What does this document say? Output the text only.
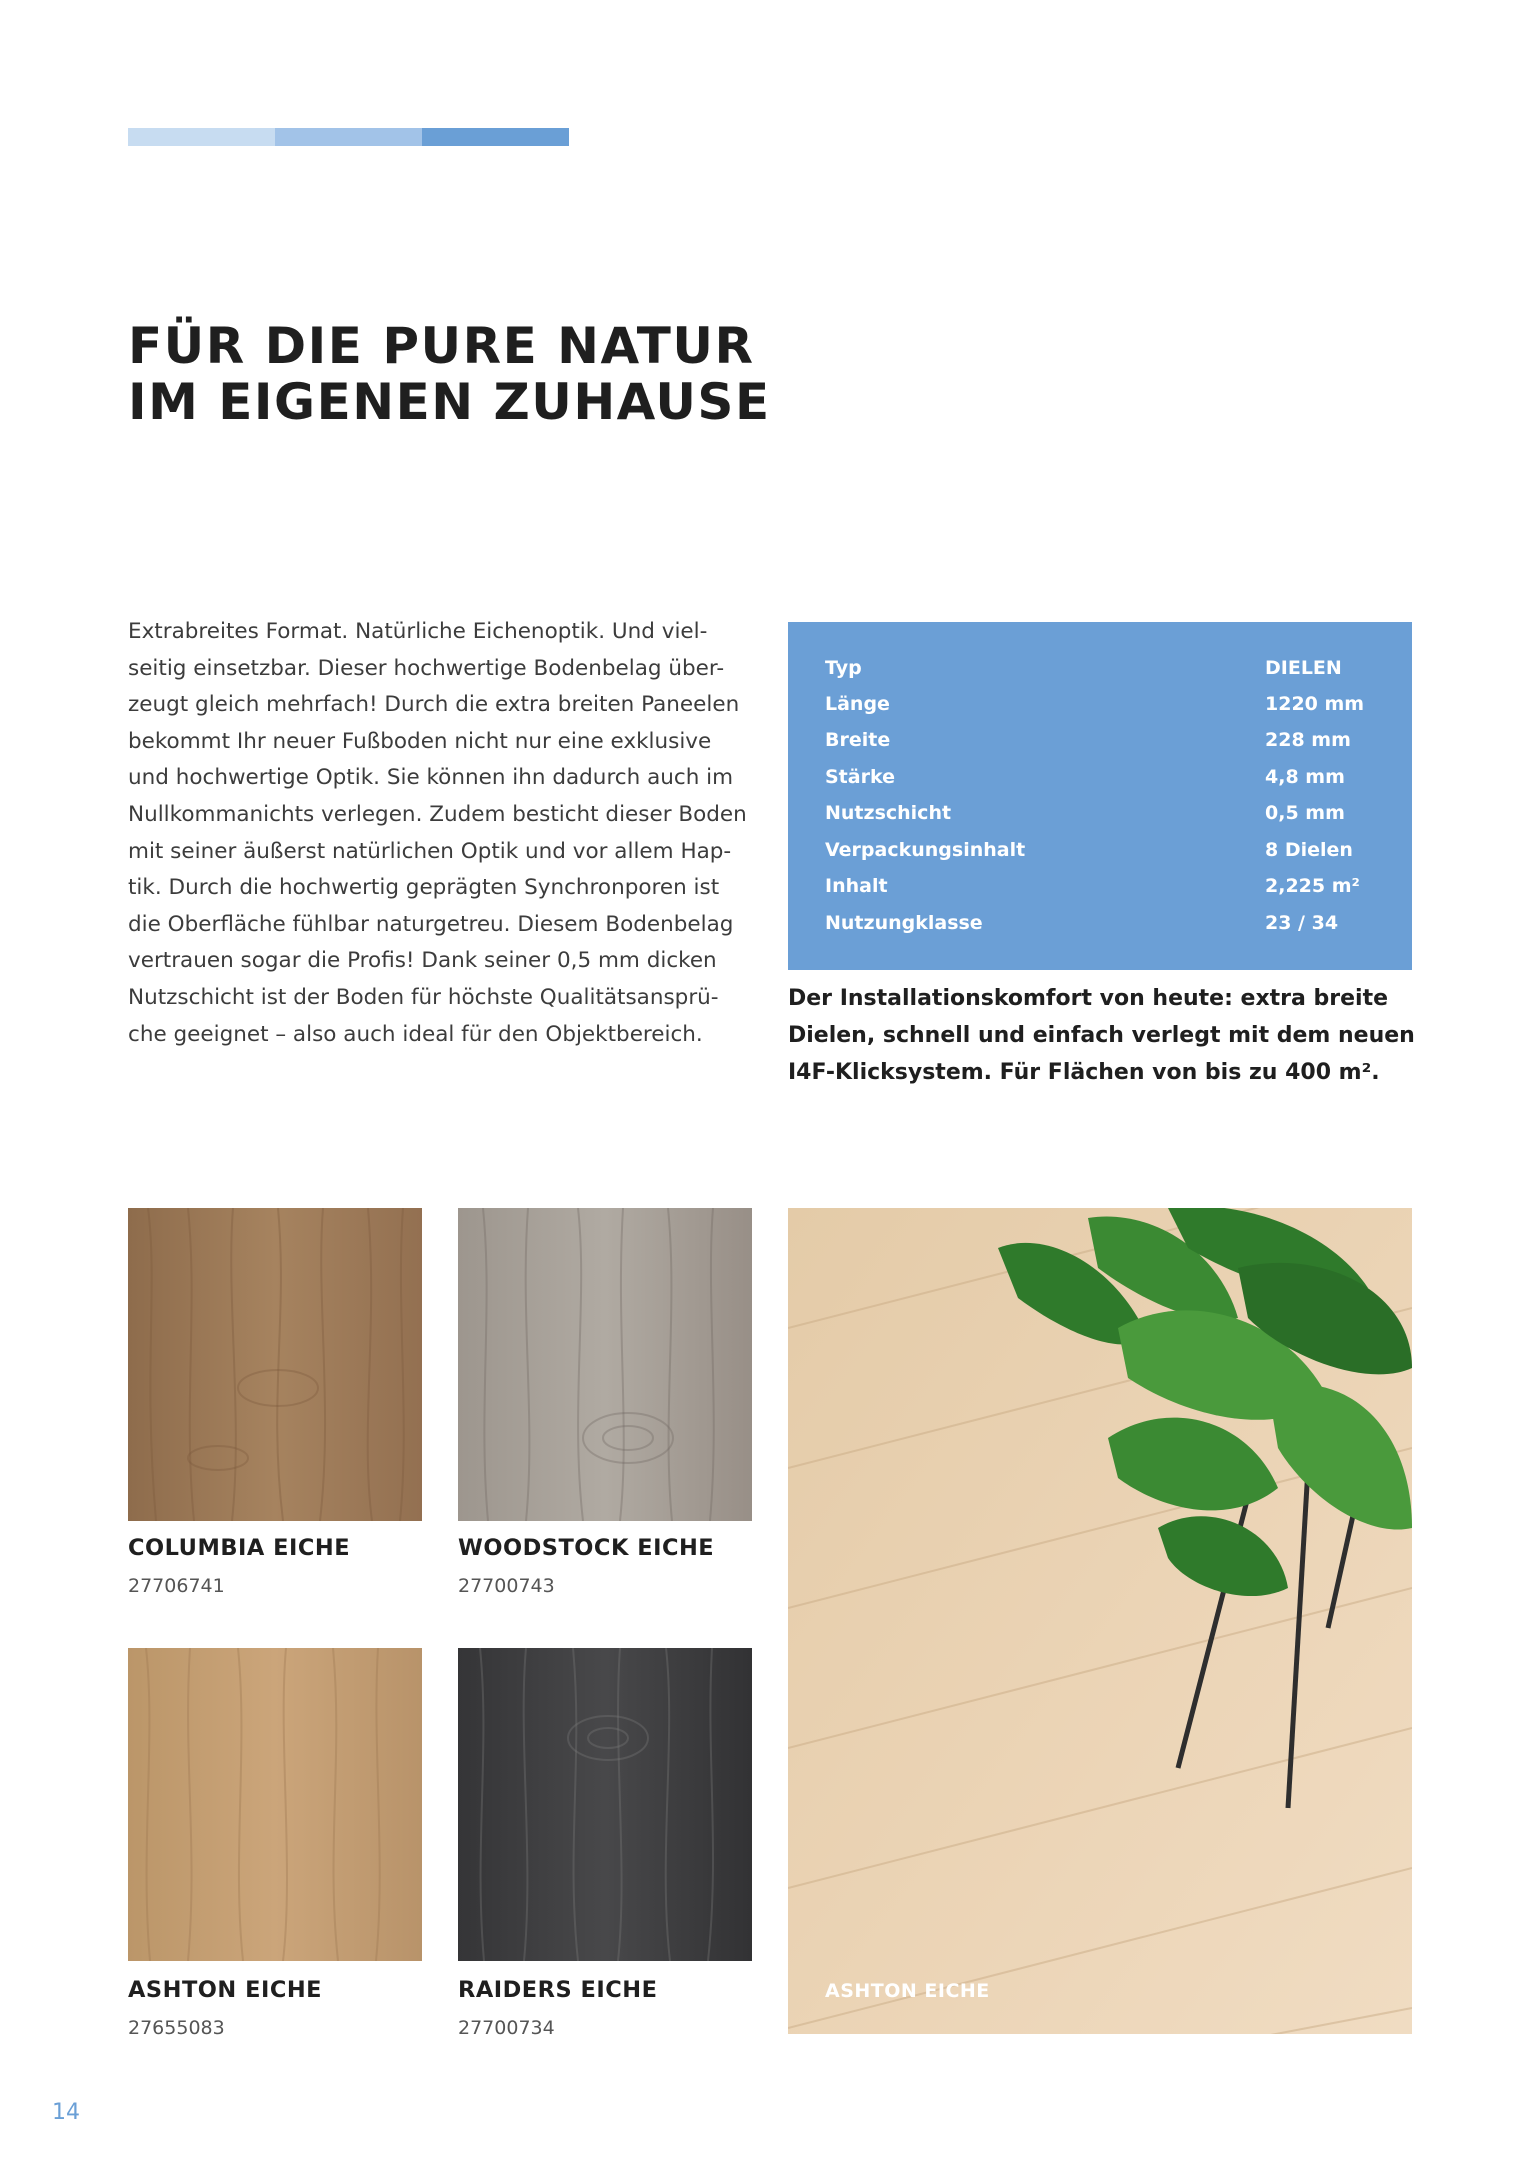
FÜR DIE PURE NATUR
IM EIGENEN ZUHAUSE

Extrabreites Format. Natürliche Eichenoptik. Und viel-
seitig einsetzbar. Dieser hochwertige Bodenbelag über-
zeugt gleich mehrfach! Durch die extra breiten Paneelen
bekommt Ihr neuer Fußboden nicht nur eine exklusive
und hochwertige Optik. Sie können ihn dadurch auch im
Nullkommanichts verlegen. Zudem besticht dieser Boden
mit seiner äußerst natürlichen Optik und vor allem Hap-
tik. Durch die hochwertig geprägten Synchronporen ist
die Oberfläche fühlbar naturgetreu. Diesem Bodenbelag
vertrauen sogar die Profis! Dank seiner 0,5 mm dicken
Nutzschicht ist der Boden für höchste Qualitätsansprü-
che geeignet – also auch ideal für den Objektbereich.

Typ	DIELEN
Länge	1220 mm
Breite	228 mm
Stärke	4,8 mm
Nutzschicht	0,5 mm
Verpackungsinhalt	8 Dielen
Inhalt	2,225 m²
Nutzungklasse	23 / 34

Der Installationskomfort von heute: extra breite
Dielen, schnell und einfach verlegt mit dem neuen
I4F-Klicksystem. Für Flächen von bis zu 400 m².

COLUMBIA EICHE
27706741
WOODSTOCK EICHE
27700743
ASHTON EICHE
27655083
RAIDERS EICHE
27700734
ASHTON EICHE
14
